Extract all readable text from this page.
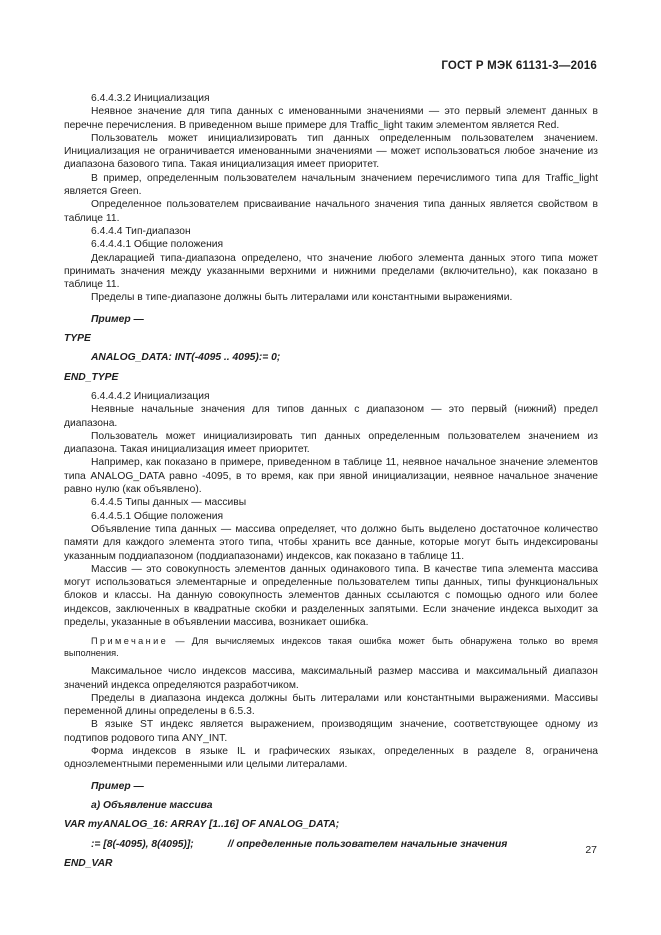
ГОСТ Р МЭК 61131-3—2016

6.4.4.3.2 Инициализация

Неявное значение для типа данных с именованными значениями — это первый элемент данных в перечне перечисления. В приведенном выше примере для Traffic_light таким элементом является Red.

Пользователь может инициализировать тип данных определенным пользователем значением. Инициализация не ограничивается именованными значениями — может использоваться любое значение из диапазона базового типа. Такая инициализация имеет приоритет.

В пример, определенным пользователем начальным значением перечислимого типа для Traffic_light является Green.

Определенное пользователем присваивание начального значения типа данных является свойством в таблице 11.

6.4.4.4 Тип-диапазон

6.4.4.4.1 Общие положения

Декларацией типа-диапазона определено, что значение любого элемента данных этого типа может принимать значения между указанными верхними и нижними пределами (включительно), как показано в таблице 11.

Пределы в типе-диапазоне должны быть литералами или константными выражениями.

Пример —

TYPE

ANALOG_DATA: INT(-4095 .. 4095):= 0;

END_TYPE

6.4.4.4.2 Инициализация

Неявные начальные значения для типов данных с диапазоном — это первый (нижний) предел диапазона.

Пользователь может инициализировать тип данных определенным пользователем значением из диапазона. Такая инициализация имеет приоритет.

Например, как показано в примере, приведенном в таблице 11, неявное начальное значение элементов типа ANALOG_DATA равно -4095, в то время, как при явной инициализации, неявное начальное значение равно нулю (как объявлено).

6.4.4.5 Типы данных — массивы

6.4.4.5.1 Общие положения

Объявление типа данных — массива определяет, что должно быть выделено достаточное количество памяти для каждого элемента этого типа, чтобы хранить все данные, которые могут быть индексированы указанным поддиапазоном (поддиапазонами) индексов, как показано в таблице 11.

Массив — это совокупность элементов данных одинакового типа. В качестве типа элемента массива могут использоваться элементарные и определенные пользователем типы данных, типы функциональных блоков и классы. На данную совокупность элементов данных ссылаются с помощью одного или более индексов, заключенных в квадратные скобки и разделенных запятыми. Если значение индекса выходит за пределы, указанные в объявлении массива, возникает ошибка.

Примечание — Для вычисляемых индексов такая ошибка может быть обнаружена только во время выполнения.

Максимальное число индексов массива, максимальный размер массива и максимальный диапазон значений индекса определяются разработчиком.

Пределы в диапазона индекса должны быть литералами или константными выражениями. Массивы переменной длины определены в 6.5.3.

В языке ST индекс является выражением, производящим значение, соответствующее одному из подтипов родового типа ANY_INT.

Форма индексов в языке IL и графических языках, определенных в разделе 8, ограничена одноэлементными переменными или целыми литералами.

Пример —

а) Объявление массива

VAR myANALOG_16: ARRAY [1..16] OF ANALOG_DATA;

:= [8(-4095), 8(4095)];	// определенные пользователем начальные значения

END_VAR

27
